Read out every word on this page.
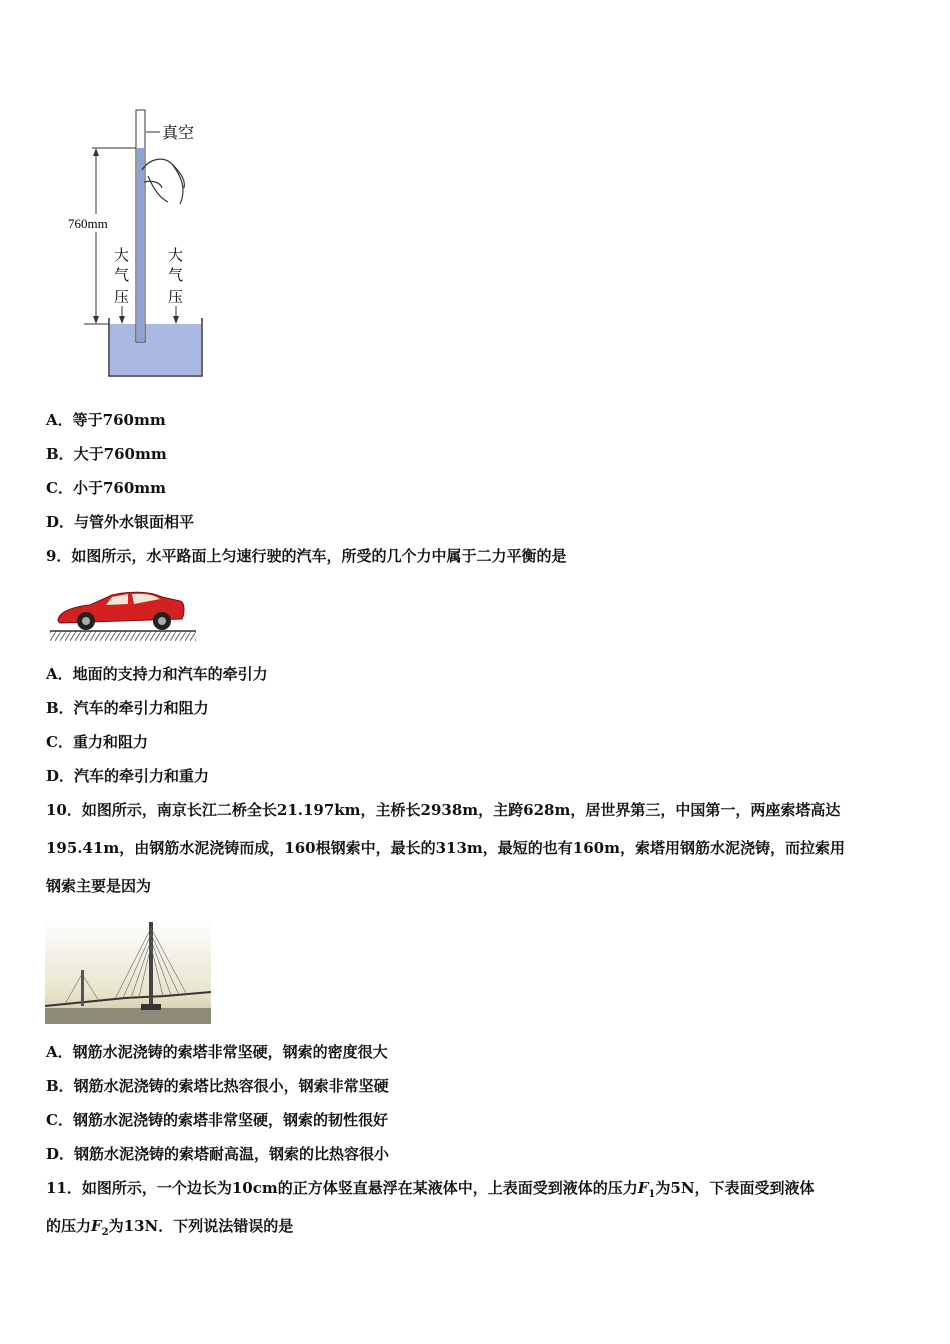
真空
760mm
大
气
压
大
气
压
A．等于760mm
B．大于760mm
C．小于760mm
D．与管外水银面相平
9．如图所示，水平路面上匀速行驶的汽车，所受的几个力中属于二力平衡的是
A．地面的支持力和汽车的牵引力
B．汽车的牵引力和阻力
C．重力和阻力
D．汽车的牵引力和重力
10．如图所示，南京长江二桥全长21.197km，主桥长2938m，主跨628m，居世界第三，中国第一，两座索塔高达
195.41m，由钢筋水泥浇铸而成，160根钢索中，最长的313m，最短的也有160m，索塔用钢筋水泥浇铸，而拉索用
钢索主要是因为
A．钢筋水泥浇铸的索塔非常坚硬，钢索的密度很大
B．钢筋水泥浇铸的索塔比热容很小，钢索非常坚硬
C．钢筋水泥浇铸的索塔非常坚硬，钢索的韧性很好
D．钢筋水泥浇铸的索塔耐高温，钢索的比热容很小
11．如图所示，一个边长为10cm的正方体竖直悬浮在某液体中，上表面受到液体的压力$F_1$为5N，下表面受到液体
的压力$F_2$为13N．下列说法错误的是
